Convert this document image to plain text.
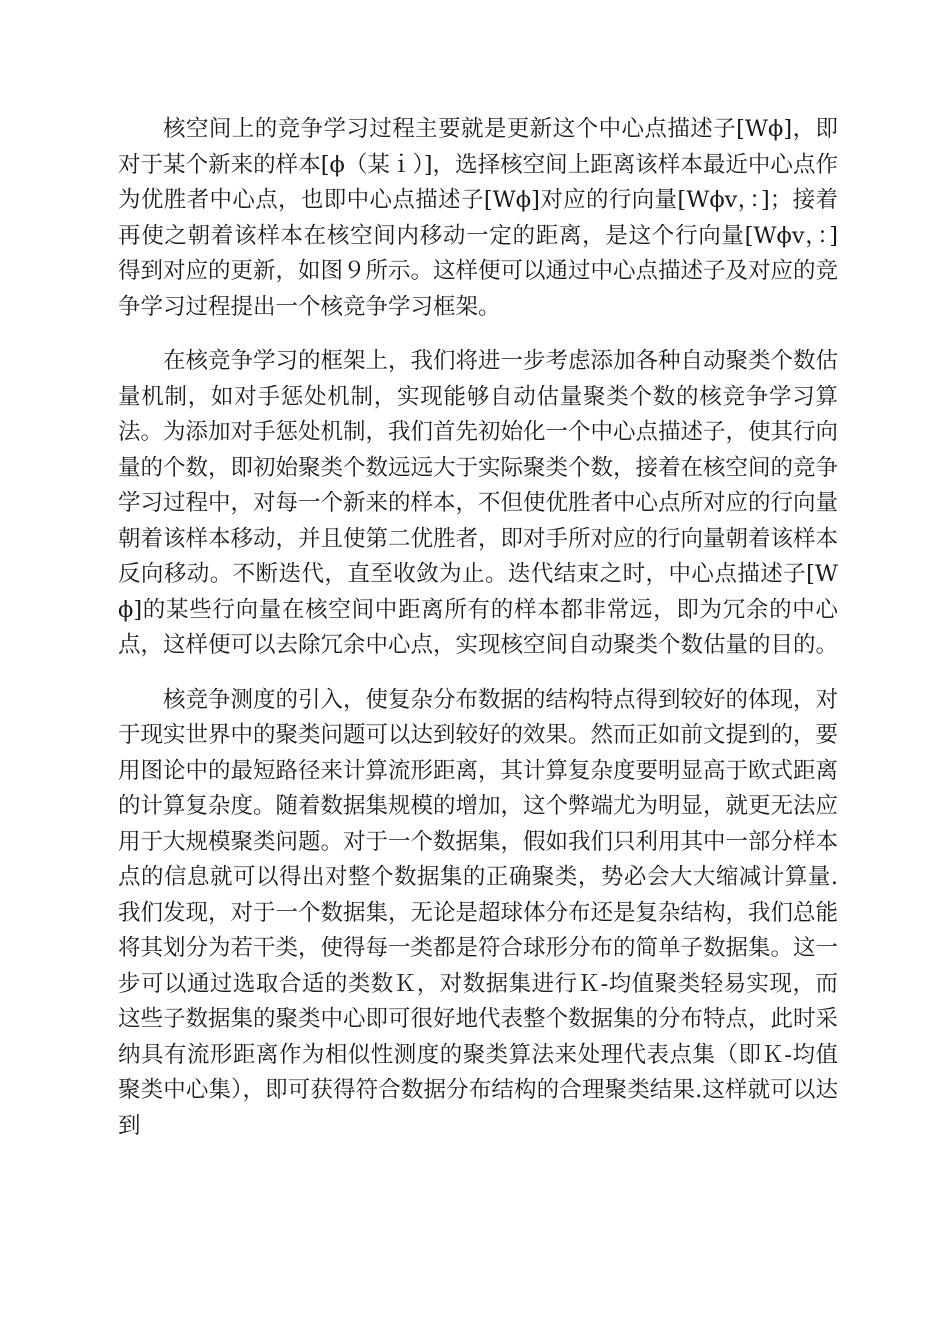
核空间上的竞争学习过程主要就是更新这个中心点描述子[Wϕ]，即对于某个新来的样本[ϕ（某ｉ）]，选择核空间上距离该样本最近中心点作为优胜者中心点，也即中心点描述子[Wϕ]对应的行向量[Wϕv，：]；接着再使之朝着该样本在核空间内移动一定的距离，是这个行向量[Wϕv，：]得到对应的更新，如图９所示。这样便可以通过中心点描述子及对应的竞争学习过程提出一个核竞争学习框架。

在核竞争学习的框架上，我们将进一步考虑添加各种自动聚类个数估量机制，如对手惩处机制，实现能够自动估量聚类个数的核竞争学习算法。为添加对手惩处机制，我们首先初始化一个中心点描述子，使其行向量的个数，即初始聚类个数远远大于实际聚类个数，接着在核空间的竞争学习过程中，对每一个新来的样本，不但使优胜者中心点所对应的行向量朝着该样本移动，并且使第二优胜者，即对手所对应的行向量朝着该样本反向移动。不断迭代，直至收敛为止。迭代结束之时，中心点描述子[Wϕ]的某些行向量在核空间中距离所有的样本都非常远，即为冗余的中心点，这样便可以去除冗余中心点，实现核空间自动聚类个数估量的目的。

核竞争测度的引入，使复杂分布数据的结构特点得到较好的体现，对于现实世界中的聚类问题可以达到较好的效果。然而正如前文提到的，要用图论中的最短路径来计算流形距离，其计算复杂度要明显高于欧式距离的计算复杂度。随着数据集规模的增加，这个弊端尤为明显，就更无法应用于大规模聚类问题。对于一个数据集，假如我们只利用其中一部分样本点的信息就可以得出对整个数据集的正确聚类，势必会大大缩减计算量.我们发现，对于一个数据集，无论是超球体分布还是复杂结构，我们总能将其划分为若干类，使得每一类都是符合球形分布的简单子数据集。这一步可以通过选取合适的类数Ｋ，对数据集进行Ｋ-均值聚类轻易实现，而这些子数据集的聚类中心即可很好地代表整个数据集的分布特点，此时采纳具有流形距离作为相似性测度的聚类算法来处理代表点集（即Ｋ-均值聚类中心集），即可获得符合数据分布结构的合理聚类结果.这样就可以达到
